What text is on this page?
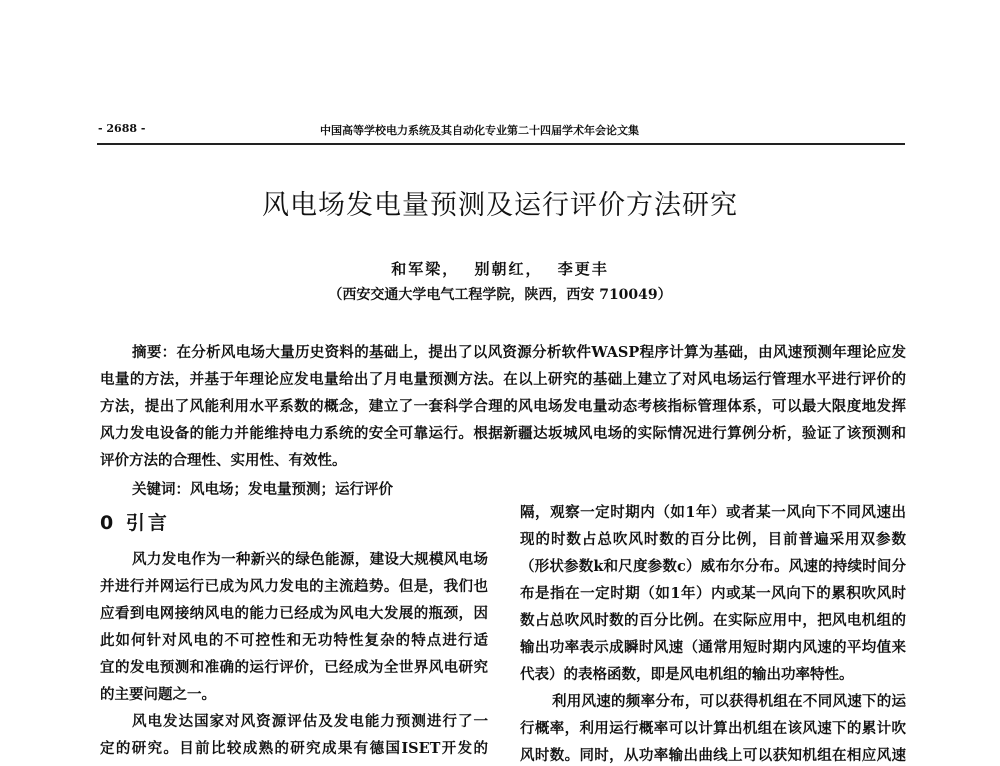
- 2688 -	中国高等学校电力系统及其自动化专业第二十四届学术年会论文集
风电场发电量预测及运行评价方法研究
和军梁， 别朝红， 李更丰
（西安交通大学电气工程学院，陕西，西安 710049）
摘要：在分析风电场大量历史资料的基础上，提出了以风资源分析软件WASP程序计算为基础，由风速预测年理论应发
电量的方法，并基于年理论应发电量给出了月电量预测方法。在以上研究的基础上建立了对风电场运行管理水平进行评价的
方法，提出了风能利用水平系数的概念，建立了一套科学合理的风电场发电量动态考核指标管理体系，可以最大限度地发挥
风力发电设备的能力并能维持电力系统的安全可靠运行。根据新疆达坂城风电场的实际情况进行算例分析，验证了该预测和
评价方法的合理性、实用性、有效性。
关键词：风电场；发电量预测；运行评价
0 引言
风力发电作为一种新兴的绿色能源，建设大规模风电场
并进行并网运行已成为风力发电的主流趋势。但是，我们也
应看到电网接纳风电的能力已经成为风电大发展的瓶颈，因
此如何针对风电的不可控性和无功特性复杂的特点进行适
宜的发电预测和准确的运行评价，已经成为全世界风电研究
的主要问题之一。
风电发达国家对风资源评估及发电能力预测进行了一
定的研究。目前比较成熟的研究成果有德国ISET开发的
隔，观察一定时期内（如1年）或者某一风向下不同风速出
现的时数占总吹风时数的百分比例，目前普遍采用双参数
（形状参数k和尺度参数c）威布尔分布。风速的持续时间分
布是指在一定时期（如1年）内或某一风向下的累积吹风时
数占总吹风时数的百分比例。在实际应用中，把风电机组的
输出功率表示成瞬时风速（通常用短时期内风速的平均值来
代表）的表格函数，即是风电机组的输出功率特性。
利用风速的频率分布，可以获得机组在不同风速下的运
行概率，利用运行概率可以计算出机组在该风速下的累计吹
风时数。同时，从功率输出曲线上可以获知机组在相应风速
